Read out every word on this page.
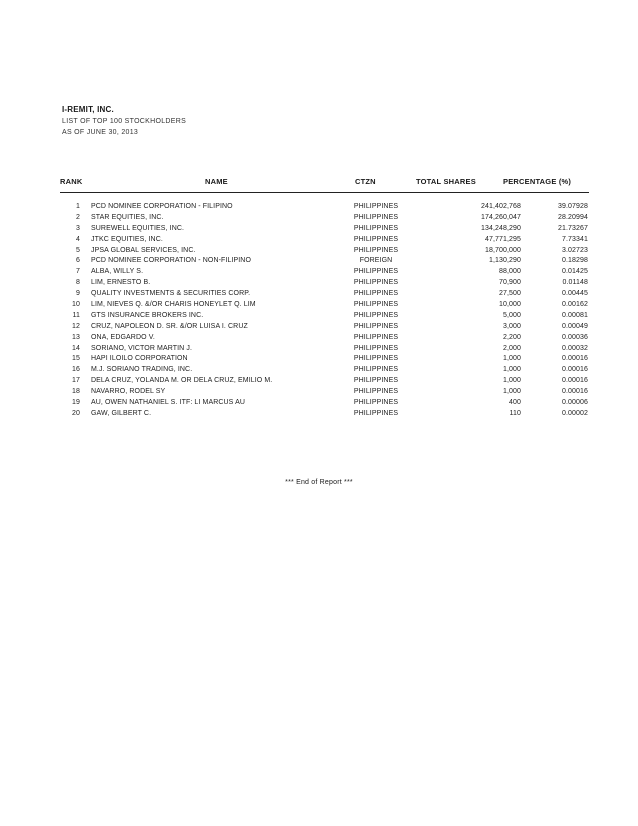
I-REMIT, INC.
LIST OF TOP 100 STOCKHOLDERS
AS OF JUNE 30, 2013
RANK	NAME	CTZN	TOTAL SHARES	PERCENTAGE (%)
1 PCD NOMINEE CORPORATION - FILIPINO	PHILIPPINES	241,402,768	39.07928
2 STAR EQUITIES, INC.	PHILIPPINES	174,260,047	28.20994
3 SUREWELL EQUITIES, INC.	PHILIPPINES	134,248,290	21.73267
4 JTKC EQUITIES, INC.	PHILIPPINES	47,771,295	7.73341
5 JPSA GLOBAL SERVICES, INC.	PHILIPPINES	18,700,000	3.02723
6 PCD NOMINEE CORPORATION - NON-FILIPINO	FOREIGN	1,130,290	0.18298
7 ALBA, WILLY S.	PHILIPPINES	88,000	0.01425
8 LIM, ERNESTO B.	PHILIPPINES	70,900	0.01148
9 QUALITY INVESTMENTS & SECURITIES CORP.	PHILIPPINES	27,500	0.00445
10 LIM, NIEVES Q. &/OR CHARIS HONEYLET Q. LIM	PHILIPPINES	10,000	0.00162
11 GTS INSURANCE BROKERS INC.	PHILIPPINES	5,000	0.00081
12 CRUZ, NAPOLEON D. SR. &/OR LUISA I. CRUZ	PHILIPPINES	3,000	0.00049
13 ONA, EDGARDO V.	PHILIPPINES	2,200	0.00036
14 SORIANO, VICTOR MARTIN J.	PHILIPPINES	2,000	0.00032
15 HAPI ILOILO CORPORATION	PHILIPPINES	1,000	0.00016
16 M.J. SORIANO TRADING, INC.	PHILIPPINES	1,000	0.00016
17 DELA CRUZ, YOLANDA M. OR DELA CRUZ, EMILIO M.	PHILIPPINES	1,000	0.00016
18 NAVARRO, RODEL SY	PHILIPPINES	1,000	0.00016
19 AU, OWEN NATHANIEL S. ITF: LI MARCUS AU	PHILIPPINES	400	0.00006
20 GAW, GILBERT C.	PHILIPPINES	110	0.00002
*** End of Report ***
